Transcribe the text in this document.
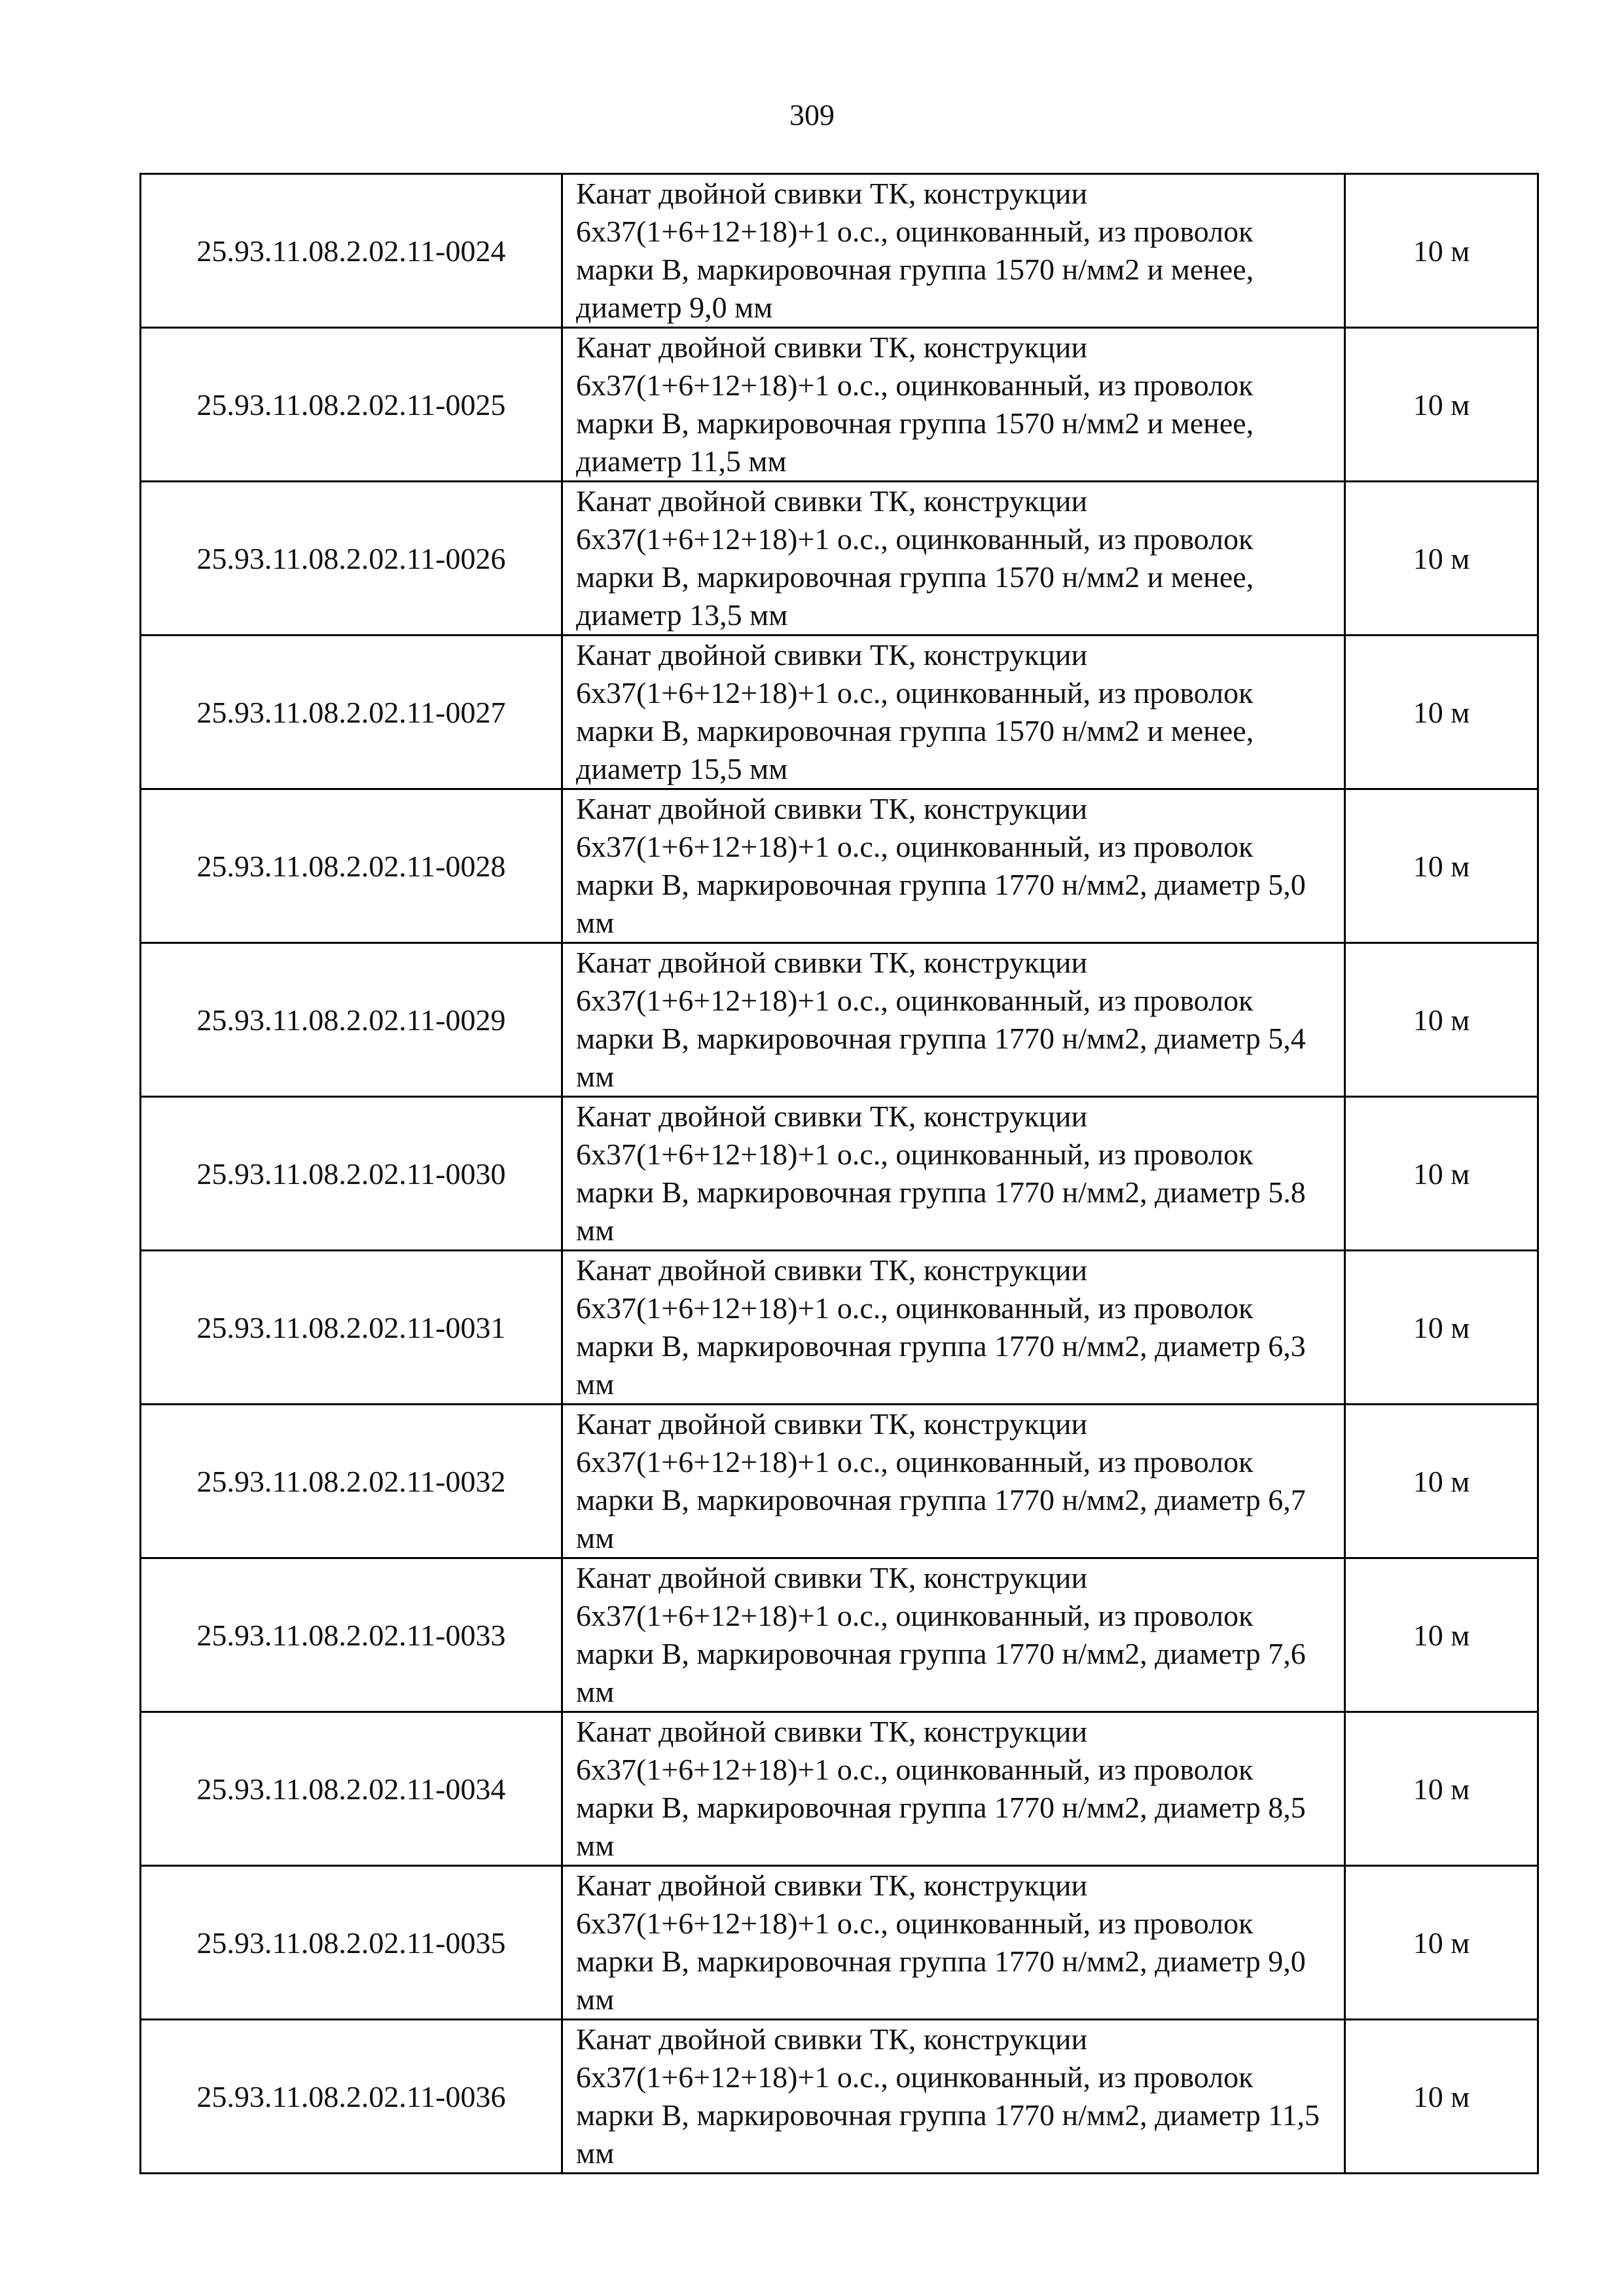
309
25.93.11.08.2.02.11-0024	Канат двойной свивки ТК, конструкции 6х37(1+6+12+18)+1 о.с., оцинкованный, из проволок марки В, маркировочная группа 1570 н/мм2 и менее, диаметр 9,0 мм	10 м
25.93.11.08.2.02.11-0025	Канат двойной свивки ТК, конструкции 6х37(1+6+12+18)+1 о.с., оцинкованный, из проволок марки В, маркировочная группа 1570 н/мм2 и менее, диаметр 11,5 мм	10 м
25.93.11.08.2.02.11-0026	Канат двойной свивки ТК, конструкции 6х37(1+6+12+18)+1 о.с., оцинкованный, из проволок марки В, маркировочная группа 1570 н/мм2 и менее, диаметр 13,5 мм	10 м
25.93.11.08.2.02.11-0027	Канат двойной свивки ТК, конструкции 6х37(1+6+12+18)+1 о.с., оцинкованный, из проволок марки В, маркировочная группа 1570 н/мм2 и менее, диаметр 15,5 мм	10 м
25.93.11.08.2.02.11-0028	Канат двойной свивки ТК, конструкции 6х37(1+6+12+18)+1 о.с., оцинкованный, из проволок марки В, маркировочная группа 1770 н/мм2, диаметр 5,0 мм	10 м
25.93.11.08.2.02.11-0029	Канат двойной свивки ТК, конструкции 6х37(1+6+12+18)+1 о.с., оцинкованный, из проволок марки В, маркировочная группа 1770 н/мм2, диаметр 5,4 мм	10 м
25.93.11.08.2.02.11-0030	Канат двойной свивки ТК, конструкции 6х37(1+6+12+18)+1 о.с., оцинкованный, из проволок марки В, маркировочная группа 1770 н/мм2, диаметр 5.8 мм	10 м
25.93.11.08.2.02.11-0031	Канат двойной свивки ТК, конструкции 6х37(1+6+12+18)+1 о.с., оцинкованный, из проволок марки В, маркировочная группа 1770 н/мм2, диаметр 6,3 мм	10 м
25.93.11.08.2.02.11-0032	Канат двойной свивки ТК, конструкции 6х37(1+6+12+18)+1 о.с., оцинкованный, из проволок марки В, маркировочная группа 1770 н/мм2, диаметр 6,7 мм	10 м
25.93.11.08.2.02.11-0033	Канат двойной свивки ТК, конструкции 6х37(1+6+12+18)+1 о.с., оцинкованный, из проволок марки В, маркировочная группа 1770 н/мм2, диаметр 7,6 мм	10 м
25.93.11.08.2.02.11-0034	Канат двойной свивки ТК, конструкции 6х37(1+6+12+18)+1 о.с., оцинкованный, из проволок марки В, маркировочная группа 1770 н/мм2, диаметр 8,5 мм	10 м
25.93.11.08.2.02.11-0035	Канат двойной свивки ТК, конструкции 6х37(1+6+12+18)+1 о.с., оцинкованный, из проволок марки В, маркировочная группа 1770 н/мм2, диаметр 9,0 мм	10 м
25.93.11.08.2.02.11-0036	Канат двойной свивки ТК, конструкции 6х37(1+6+12+18)+1 о.с., оцинкованный, из проволок марки В, маркировочная группа 1770 н/мм2, диаметр 11,5 мм	10 м
